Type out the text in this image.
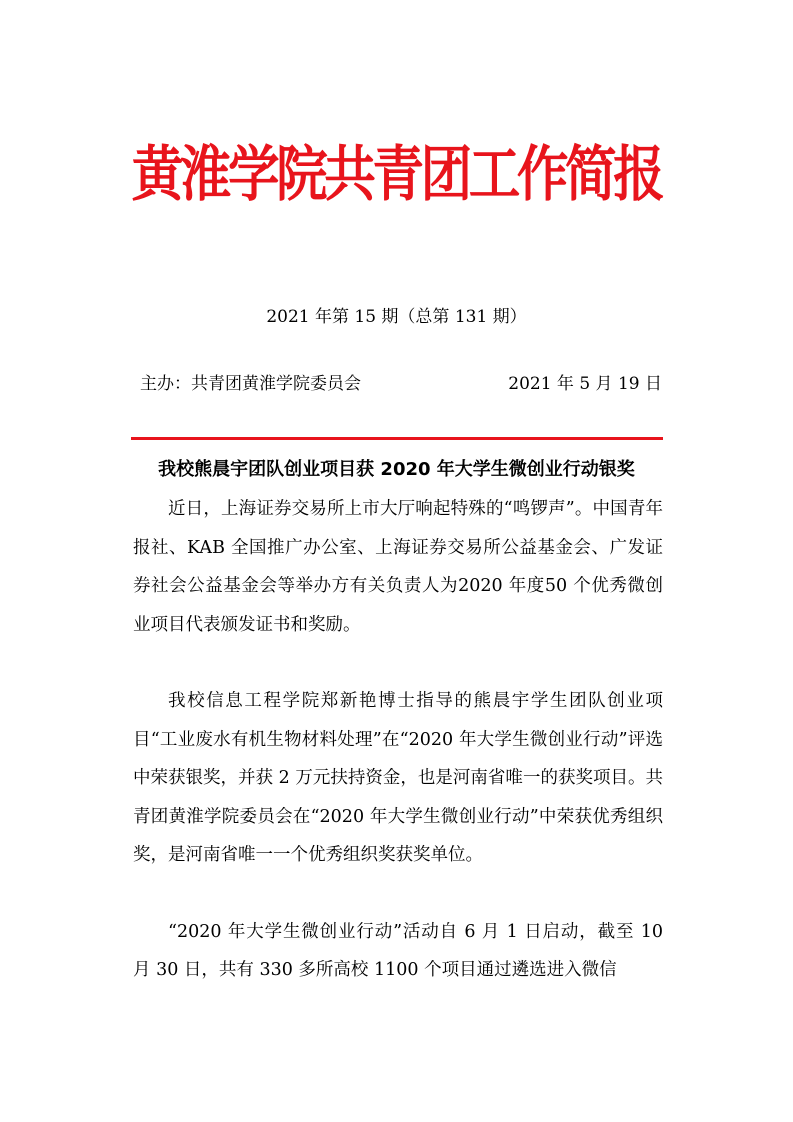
黄淮学院共青团工作简报
2021 年第 15 期（总第 131 期）
主办：共青团黄淮学院委员会	2021 年 5 月 19 日
我校熊晨宇团队创业项目获 2020 年大学生微创业行动银奖

近日，上海证券交易所上市大厅响起特殊的“鸣锣声”。中国青年报社、KAB 全国推广办公室、上海证券交易所公益基金会、广发证券社会公益基金会等举办方有关负责人为2020 年度50 个优秀微创业项目代表颁发证书和奖励。

我校信息工程学院郑新艳博士指导的熊晨宇学生团队创业项目“工业废水有机生物材料处理”在“2020 年大学生微创业行动”评选中荣获银奖，并获 2 万元扶持资金，也是河南省唯一的获奖项目。共青团黄淮学院委员会在“2020 年大学生微创业行动”中荣获优秀组织奖，是河南省唯一一个优秀组织奖获奖单位。

“2020 年大学生微创业行动”活动自 6 月 1 日启动，截至 10 月 30 日，共有 330 多所高校 1100 个项目通过遴选进入微信
